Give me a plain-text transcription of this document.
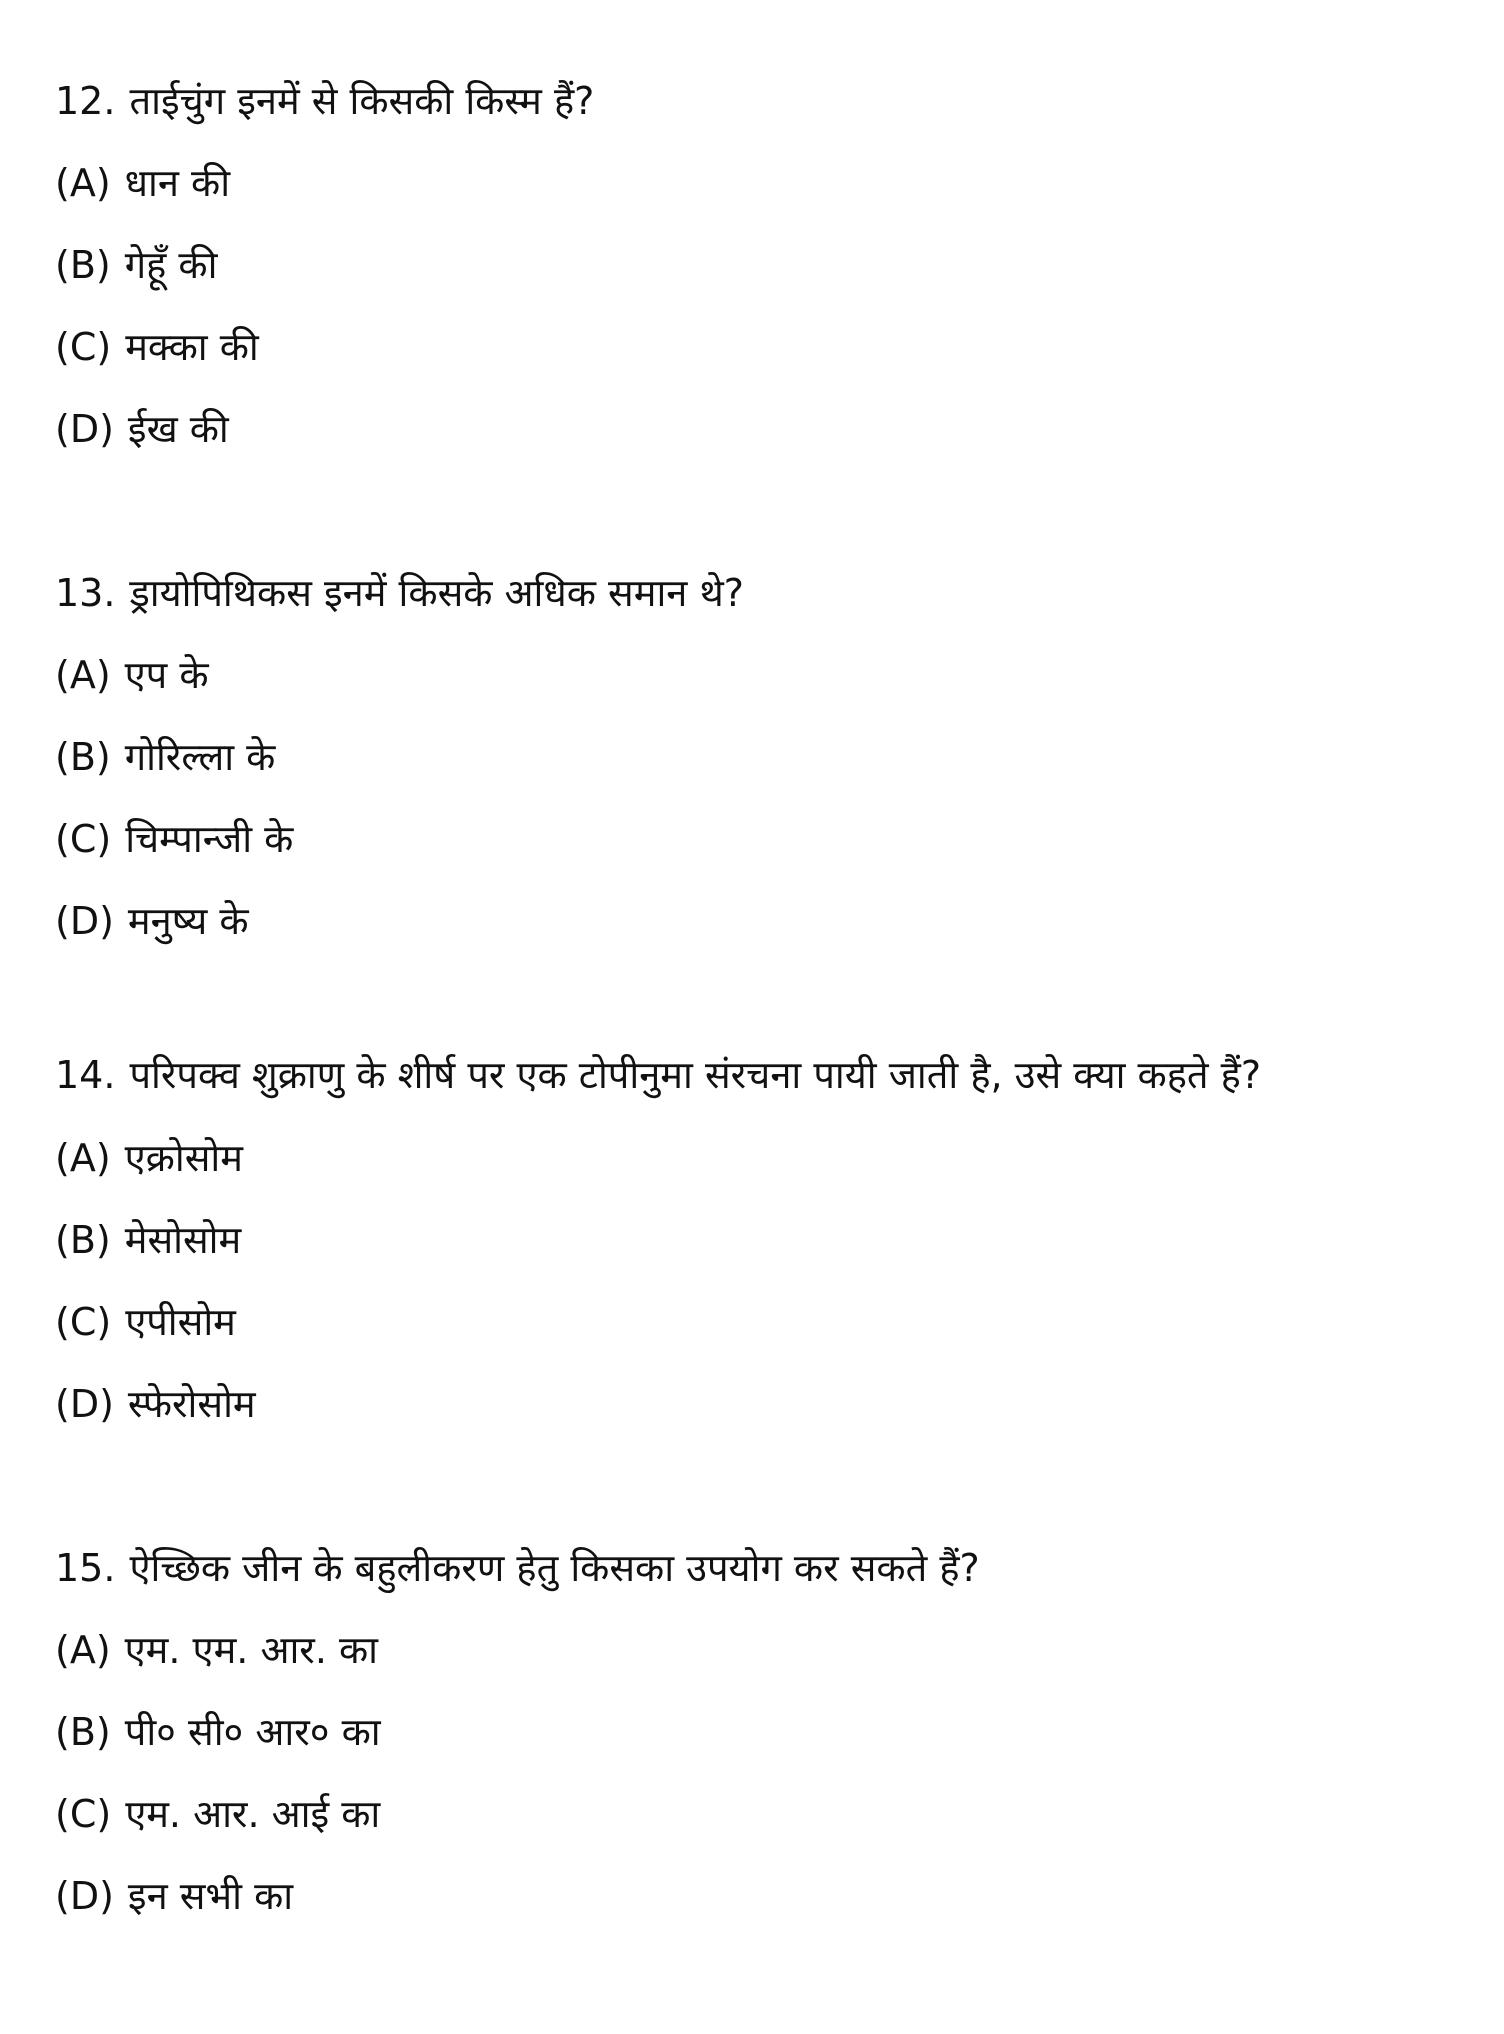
12. ताईचुंग इनमें से किसकी किस्म हैं?

(A) धान की

(B) गेहूँ की

(C) मक्का की

(D) ईख की

13. ड्रायोपिथिकस इनमें किसके अधिक समान थे?

(A) एप के

(B) गोरिल्ला के

(C) चिम्पान्जी के

(D) मनुष्य के

14. परिपक्व शुक्राणु के शीर्ष पर एक टोपीनुमा संरचना पायी जाती है, उसे क्या कहते हैं?

(A) एक्रोसोम

(B) मेसोसोम

(C) एपीसोम

(D) स्फेरोसोम

15. ऐच्छिक जीन के बहुलीकरण हेतु किसका उपयोग कर सकते हैं?

(A) एम. एम. आर. का

(B) पी० सी० आर० का

(C) एम. आर. आई का

(D) इन सभी का
